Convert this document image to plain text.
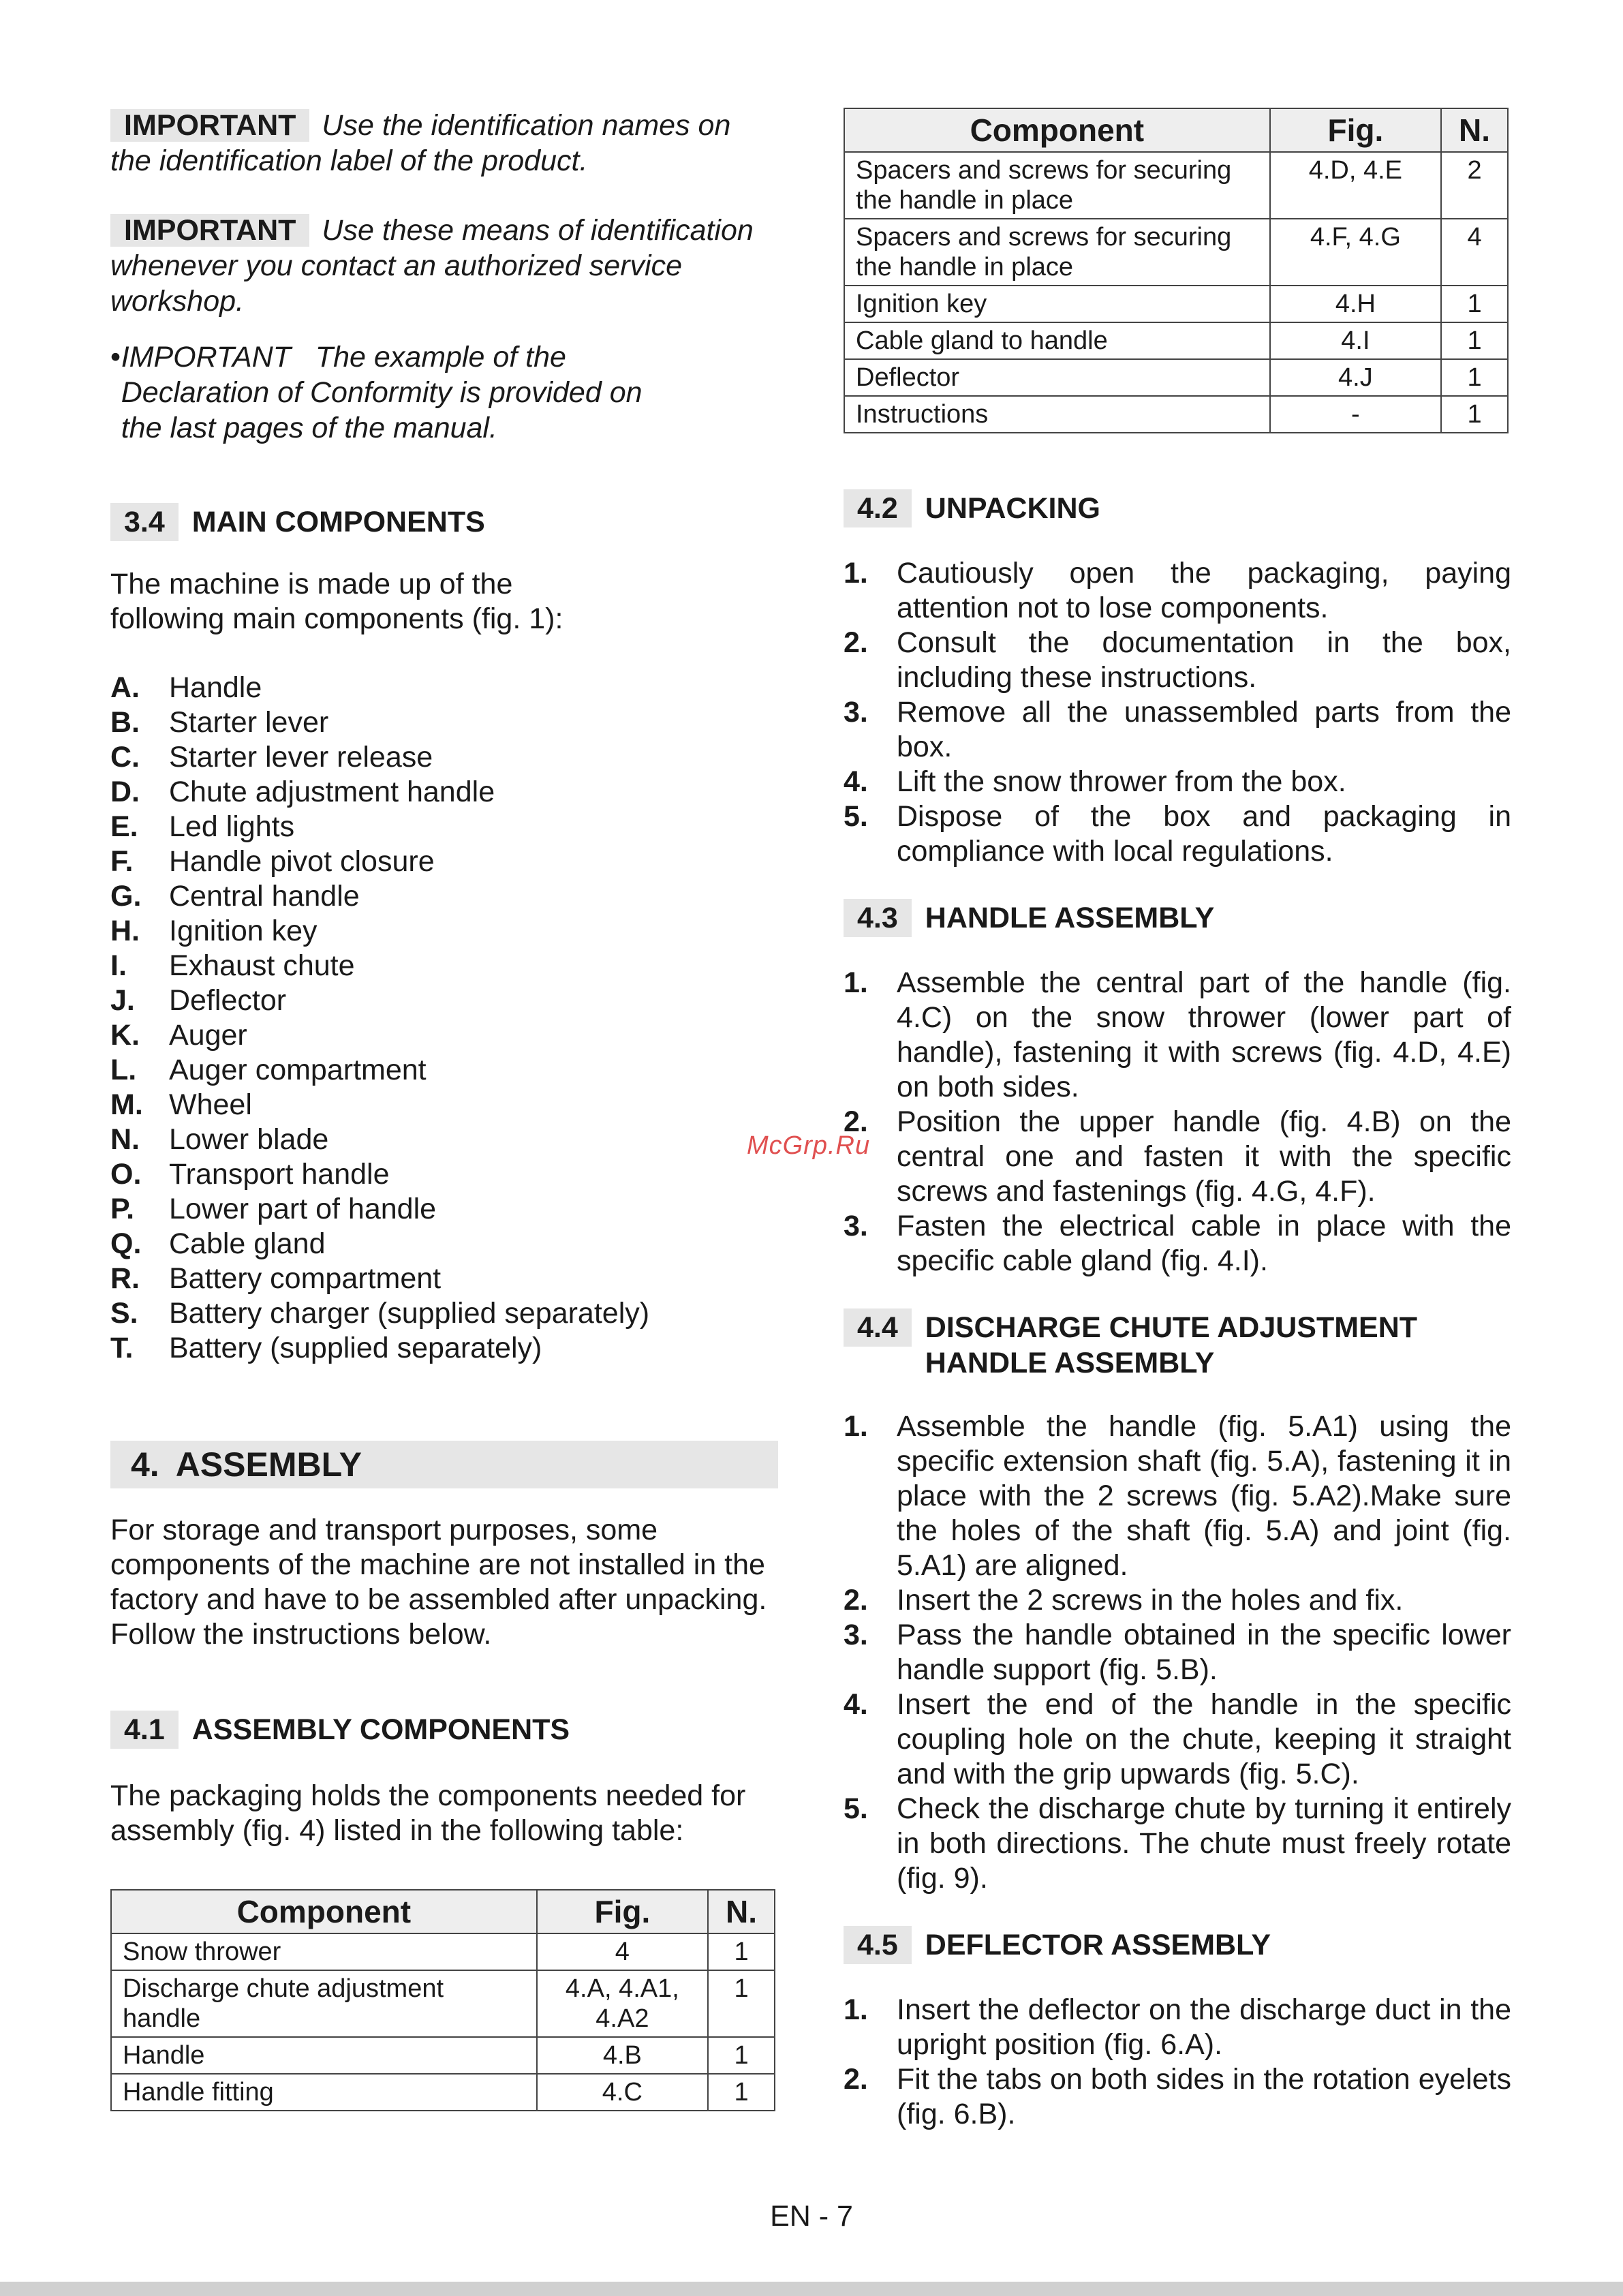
IMPORTANT Use the identification names on the identification label of the product.

IMPORTANT Use these means of identification whenever you contact an authorized service workshop.

• IMPORTANT   The example of the Declaration of Conformity is provided on the last pages of the manual.
3.4 MAIN COMPONENTS

The machine is made up of the following main components (fig. 1):

A.	Handle
B.	Starter lever
C.	Starter lever release
D.	Chute adjustment handle
E.	Led lights
F.	Handle pivot closure
G. Central handle
H.	Ignition key
I.	Exhaust chute
J.	Deflector
K.	Auger
L.	Auger compartment
M. Wheel
N.	Lower blade
O. Transport handle
P.	Lower part of handle
Q. Cable gland
R.	Battery compartment
S.	Battery charger (supplied separately)
T.	Battery (supplied separately)
4. ASSEMBLY

For storage and transport purposes, some components of the machine are not installed in the factory and have to be assembled after unpacking. Follow the instructions below.

4.1 ASSEMBLY COMPONENTS

The packaging holds the components needed for assembly (fig. 4) listed in the following table:

Component	Fig.	N.
Snow thrower	4	1
Discharge chute adjustment handle	4.A, 4.A1, 4.A2	1
Handle	4.B	1
Handle fitting	4.C	1
Component	Fig.	N.
Spacers and screws for securing the handle in place	4.D, 4.E	2
Spacers and screws for securing the handle in place	4.F, 4.G	4
Ignition key	4.H	1
Cable gland to handle	4.I	1
Deflector	4.J	1
Instructions	-	1
4.2 UNPACKING
1. Cautiously open the packaging, paying attention not to lose components.
2. Consult the documentation in the box, including these instructions.
3. Remove all the unassembled parts from the box.
4. Lift the snow thrower from the box.
5. Dispose of the box and packaging in compliance with local regulations.
4.3 HANDLE ASSEMBLY
1. Assemble the central part of the handle (fig. 4.C) on the snow thrower (lower part of handle), fastening it with screws (fig. 4.D, 4.E) on both sides.
2. Position the upper handle (fig. 4.B) on the central one and fasten it with the specific screws and fastenings (fig. 4.G, 4.F).
3. Fasten the electrical cable in place with the specific cable gland (fig. 4.I).
4.4 DISCHARGE CHUTE ADJUSTMENT HANDLE ASSEMBLY
1. Assemble the handle (fig. 5.A1) using the specific extension shaft (fig. 5.A), fastening it in place with the 2 screws (fig. 5.A2).Make sure the holes of the shaft (fig. 5.A) and joint (fig. 5.A1) are aligned.
2. Insert the 2 screws in the holes and fix.
3. Pass the handle obtained in the specific lower handle support (fig. 5.B).
4. Insert the end of the handle in the specific coupling hole on the chute, keeping it straight and with the grip upwards (fig. 5.C).
5. Check the discharge chute by turning it entirely in both directions. The chute must freely rotate (fig. 9).
4.5 DEFLECTOR ASSEMBLY
1. Insert the deflector on the discharge duct in the upright position (fig. 6.A).
2. Fit the tabs on both sides in the rotation eyelets (fig. 6.B).
McGrp.Ru
EN - 7
